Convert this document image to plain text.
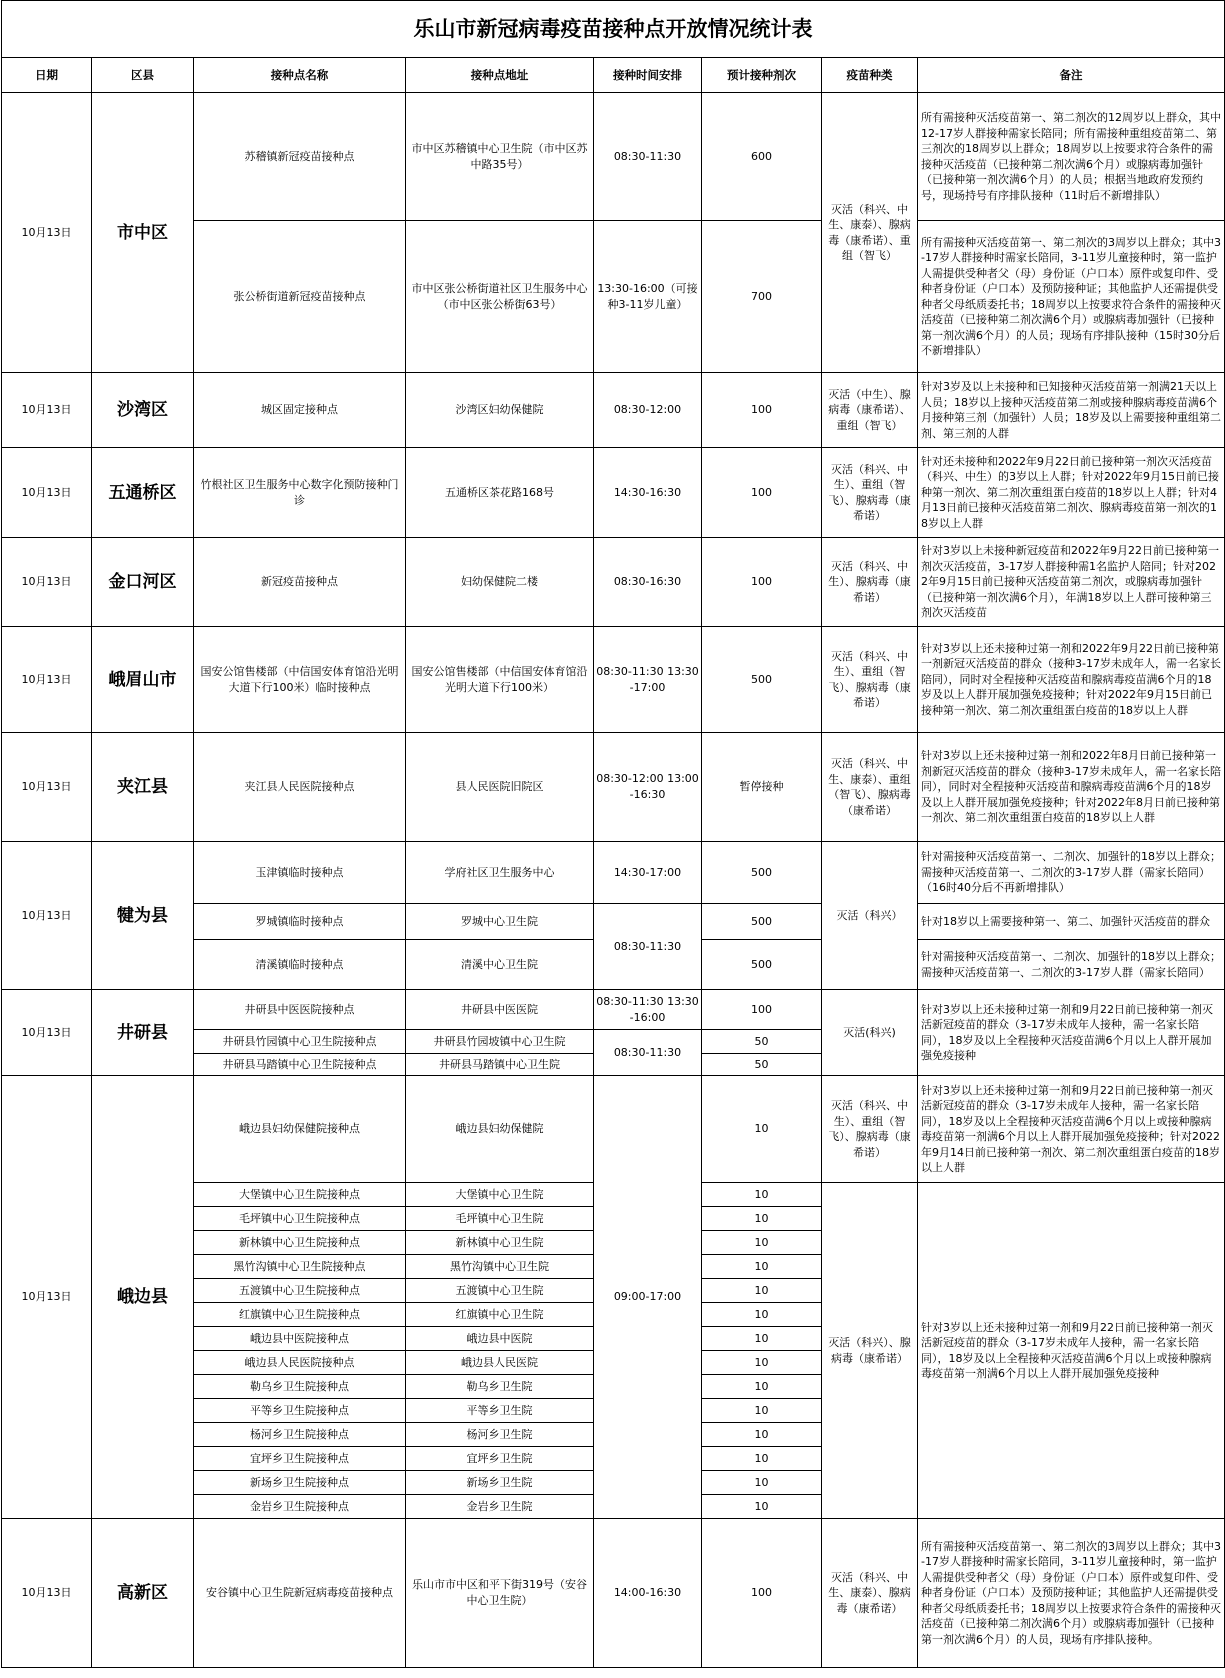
乐山市新冠病毒疫苗接种点开放情况统计表							
日期	区县	接种点名称	接种点地址	接种时间安排	预计接种剂次	疫苗种类	备注
10月13日	市中区	苏稽镇新冠疫苗接种点	市中区苏稽镇中心卫生院（市中区苏中路35号）	08:30-11:30	600	灭活（科兴、中生、康泰）、腺病毒（康希诺）、重组（智飞）	所有需接种灭活疫苗第一、第二剂次的12周岁以上群众，其中12-17岁人群接种需家长陪同；所有需接种重组疫苗第二、第三剂次的18周岁以上群众；18周岁以上按要求符合条件的需接种灭活疫苗（已接种第二剂次满6个月）或腺病毒加强针（已接种第一剂次满6个月）的人员；根据当地政府发预约号，现场持号有序排队接种（11时后不新增排队）
		张公桥街道新冠疫苗接种点	市中区张公桥街道社区卫生服务中心（市中区张公桥街63号）	13:30-16:00（可接种3-11岁儿童）	700		所有需接种灭活疫苗第一、第二剂次的3周岁以上群众；其中3-17岁人群接种时需家长陪同，3-11岁儿童接种时，第一监护人需提供受种者父（母）身份证（户口本）原件或复印件、受种者身份证（户口本）及预防接种证；其他监护人还需提供受种者父母纸质委托书；18周岁以上按要求符合条件的需接种灭活疫苗（已接种第二剂次满6个月）或腺病毒加强针（已接种第一剂次满6个月）的人员；现场有序排队接种（15时30分后不新增排队）
10月13日	沙湾区	城区固定接种点	沙湾区妇幼保健院	08:30-12:00	100	灭活（中生）、腺病毒（康希诺）、重组（智飞）	针对3岁及以上未接种和已知接种灭活疫苗第一剂满21天以上人员；18岁以上接种灭活疫苗第二剂或接种腺病毒疫苗满6个月接种第三剂（加强针）人员；18岁及以上需要接种重组第二剂、第三剂的人群
10月13日	五通桥区	竹根社区卫生服务中心数字化预防接种门诊	五通桥区茶花路168号	14:30-16:30	100	灭活（科兴、中生）、重组（智飞）、腺病毒（康希诺）	针对还未接种和2022年9月22日前已接种第一剂次灭活疫苗（科兴、中生）的3岁以上人群；针对2022年9月15日前已接种第一剂次、第二剂次重组蛋白疫苗的18岁以上人群；针对4月13日前已接种灭活疫苗第二剂次、腺病毒疫苗第一剂次的18岁以上人群
10月13日	金口河区	新冠疫苗接种点	妇幼保健院二楼	08:30-16:30	100	灭活（科兴、中生）、腺病毒（康希诺）	针对3岁以上未接种新冠疫苗和2022年9月22日前已接种第一剂次灭活疫苗，3-17岁人群接种需1名监护人陪同；针对2022年9月15日前已接种灭活疫苗第二剂次，或腺病毒加强针（已接种第一剂次满6个月），年满18岁以上人群可接种第三剂次灭活疫苗
10月13日	峨眉山市	国安公馆售楼部（中信国安体育馆沿光明大道下行100米）临时接种点	国安公馆售楼部（中信国安体育馆沿光明大道下行100米）	08:30-11:30 13:30-17:00	500	灭活（科兴、中生）、重组（智飞）、腺病毒（康希诺）	针对3岁以上还未接种过第一剂和2022年9月22日前已接种第一剂新冠灭活疫苗的群众（接种3-17岁未成年人，需一名家长陪同），同时对全程接种灭活疫苗和腺病毒疫苗满6个月的18岁及以上人群开展加强免疫接种；针对2022年9月15日前已接种第一剂次、第二剂次重组蛋白疫苗的18岁以上人群
10月13日	夹江县	夹江县人民医院接种点	县人民医院旧院区	08:30-12:00 13:00-16:30	暂停接种	灭活（科兴、中生、康泰）、重组（智飞）、腺病毒（康希诺）	针对3岁以上还未接种过第一剂和2022年8月日前已接种第一剂新冠灭活疫苗的群众（接种3-17岁未成年人，需一名家长陪同），同时对全程接种灭活疫苗和腺病毒疫苗满6个月的18岁及以上人群开展加强免疫接种；针对2022年8月日前已接种第一剂次、第二剂次重组蛋白疫苗的18岁以上人群
10月13日	犍为县	玉津镇临时接种点	学府社区卫生服务中心	14:30-17:00	500	灭活（科兴）	针对需接种灭活疫苗第一、二剂次、加强针的18岁以上群众；需接种灭活疫苗第一、二剂次的3-17岁人群（需家长陪同）（16时40分后不再新增排队）
		罗城镇临时接种点	罗城中心卫生院	08:30-11:30	500		针对18岁以上需要接种第一、第二、加强针灭活疫苗的群众
		清溪镇临时接种点	清溪中心卫生院		500		针对需接种灭活疫苗第一、二剂次、加强针的18岁以上群众；需接种灭活疫苗第一、二剂次的3-17岁人群（需家长陪同）
10月13日	井研县	井研县中医医院接种点	井研县中医医院	08:30-11:30 13:30-16:00	100	灭活(科兴)	针对3岁以上还未接种过第一剂和9月22日前已接种第一剂灭活新冠疫苗的群众（3-17岁未成年人接种，需一名家长陪同），18岁及以上全程接种灭活疫苗满6个月以上人群开展加强免疫接种
		井研县竹园镇中心卫生院接种点	井研县竹园坡镇中心卫生院	08:30-11:30	50		
		井研县马踏镇中心卫生院接种点	井研县马踏镇中心卫生院		50		
10月13日	峨边县	峨边县妇幼保健院接种点	峨边县妇幼保健院	09:00-17:00	10	灭活（科兴、中生）、重组（智飞）、腺病毒（康希诺）	针对3岁以上还未接种过第一剂和9月22日前已接种第一剂灭活新冠疫苗的群众（3-17岁未成年人接种，需一名家长陪同），18岁及以上全程接种灭活疫苗满6个月以上或接种腺病毒疫苗第一剂满6个月以上人群开展加强免疫接种；针对2022年9月14日前已接种第一剂次、第二剂次重组蛋白疫苗的18岁以上人群
		大堡镇中心卫生院接种点	大堡镇中心卫生院		10	灭活（科兴）、腺病毒（康希诺）	针对3岁以上还未接种过第一剂和9月22日前已接种第一剂灭活新冠疫苗的群众（3-17岁未成年人接种，需一名家长陪同），18岁及以上全程接种灭活疫苗满6个月以上或接种腺病毒疫苗第一剂满6个月以上人群开展加强免疫接种
		毛坪镇中心卫生院接种点	毛坪镇中心卫生院		10		
		新林镇中心卫生院接种点	新林镇中心卫生院		10		
		黑竹沟镇中心卫生院接种点	黑竹沟镇中心卫生院		10		
		五渡镇中心卫生院接种点	五渡镇中心卫生院		10		
		红旗镇中心卫生院接种点	红旗镇中心卫生院		10		
		峨边县中医院接种点	峨边县中医院		10		
		峨边县人民医院接种点	峨边县人民医院		10		
		勒乌乡卫生院接种点	勒乌乡卫生院		10		
		平等乡卫生院接种点	平等乡卫生院		10		
		杨河乡卫生院接种点	杨河乡卫生院		10		
		宜坪乡卫生院接种点	宜坪乡卫生院		10		
		新场乡卫生院接种点	新场乡卫生院		10		
		金岩乡卫生院接种点	金岩乡卫生院		10		
10月13日	高新区	安谷镇中心卫生院新冠病毒疫苗接种点	乐山市市中区和平下街319号（安谷中心卫生院）	14:00-16:30	100	灭活（科兴、中生、康泰）、腺病毒（康希诺）	所有需接种灭活疫苗第一、第二剂次的3周岁以上群众；其中3-17岁人群接种时需家长陪同，3-11岁儿童接种时，第一监护人需提供受种者父（母）身份证（户口本）原件或复印件、受种者身份证（户口本）及预防接种证；其他监护人还需提供受种者父母纸质委托书；18周岁以上按要求符合条件的需接种灭活疫苗（已接种第二剂次满6个月）或腺病毒加强针（已接种第一剂次满6个月）的人员，现场有序排队接种。
